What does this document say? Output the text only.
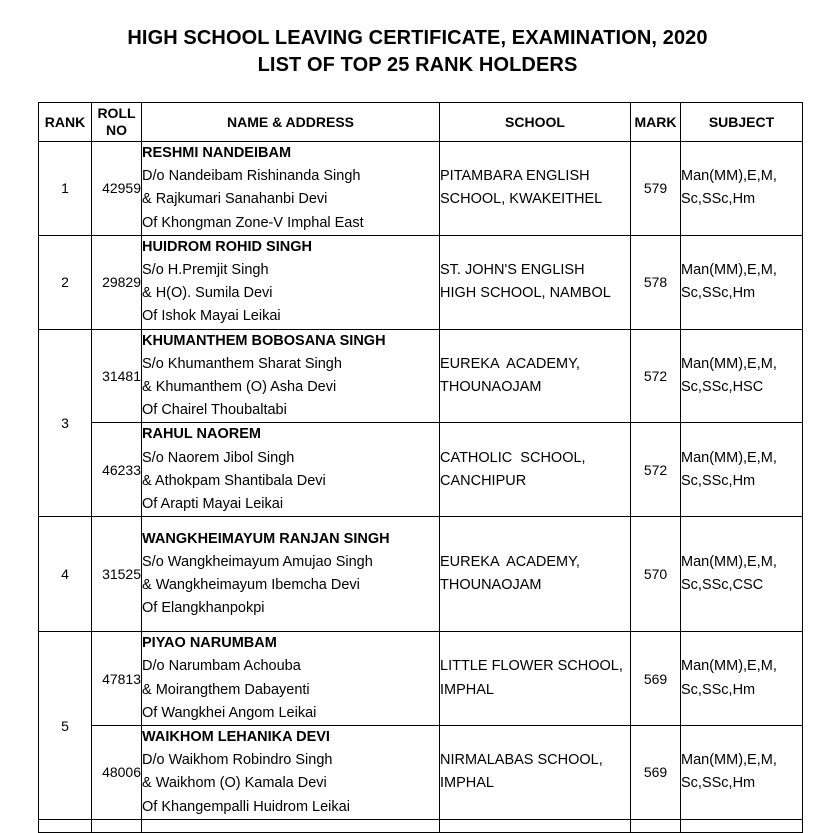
HIGH SCHOOL LEAVING CERTIFICATE, EXAMINATION, 2020
LIST OF TOP 25 RANK HOLDERS
RANK	ROLL
NO	NAME & ADDRESS	SCHOOL	MARK	SUBJECT
1	42959	RESHMI NANDEIBAM
D/o Nandeibam Rishinanda Singh
& Rajkumari Sanahanbi Devi
Of Khongman Zone-V Imphal East	PITAMBARA ENGLISH
SCHOOL, KWAKEITHEL	579	Man(MM),E,M,
Sc,SSc,Hm

2	29829	HUIDROM ROHID SINGH
S/o H.Premjit Singh
& H(O). Sumila Devi
Of Ishok Mayai Leikai	ST. JOHN'S ENGLISH
HIGH SCHOOL, NAMBOL	578	Man(MM),E,M,
Sc,SSc,Hm

3	31481	KHUMANTHEM BOBOSANA SINGH
S/o Khumanthem Sharat Singh
& Khumanthem (O) Asha Devi
Of Chairel Thoubaltabi	EUREKA  ACADEMY,
THOUNAOJAM	572	Man(MM),E,M,
Sc,SSc,HSC

	46233	RAHUL NAOREM
S/o Naorem Jibol Singh
& Athokpam Shantibala Devi
Of Arapti Mayai Leikai	CATHOLIC  SCHOOL,
CANCHIPUR	572	Man(MM),E,M,
Sc,SSc,Hm

4	31525	WANGKHEIMAYUM RANJAN SINGH
S/o Wangkheimayum Amujao Singh
& Wangkheimayum Ibemcha Devi
Of Elangkhanpokpi	EUREKA  ACADEMY,
THOUNAOJAM	570	Man(MM),E,M,
Sc,SSc,CSC

5	47813	PIYAO NARUMBAM
D/o Narumbam Achouba
& Moirangthem Dabayenti
Of Wangkhei Angom Leikai	LITTLE FLOWER SCHOOL,
IMPHAL	569	Man(MM),E,M,
Sc,SSc,Hm

	48006	WAIKHOM LEHANIKA DEVI
D/o Waikhom Robindro Singh
& Waikhom (O) Kamala Devi
Of Khangempalli Huidrom Leikai	NIRMALABAS SCHOOL,
IMPHAL	569	Man(MM),E,M,
Sc,SSc,Hm
